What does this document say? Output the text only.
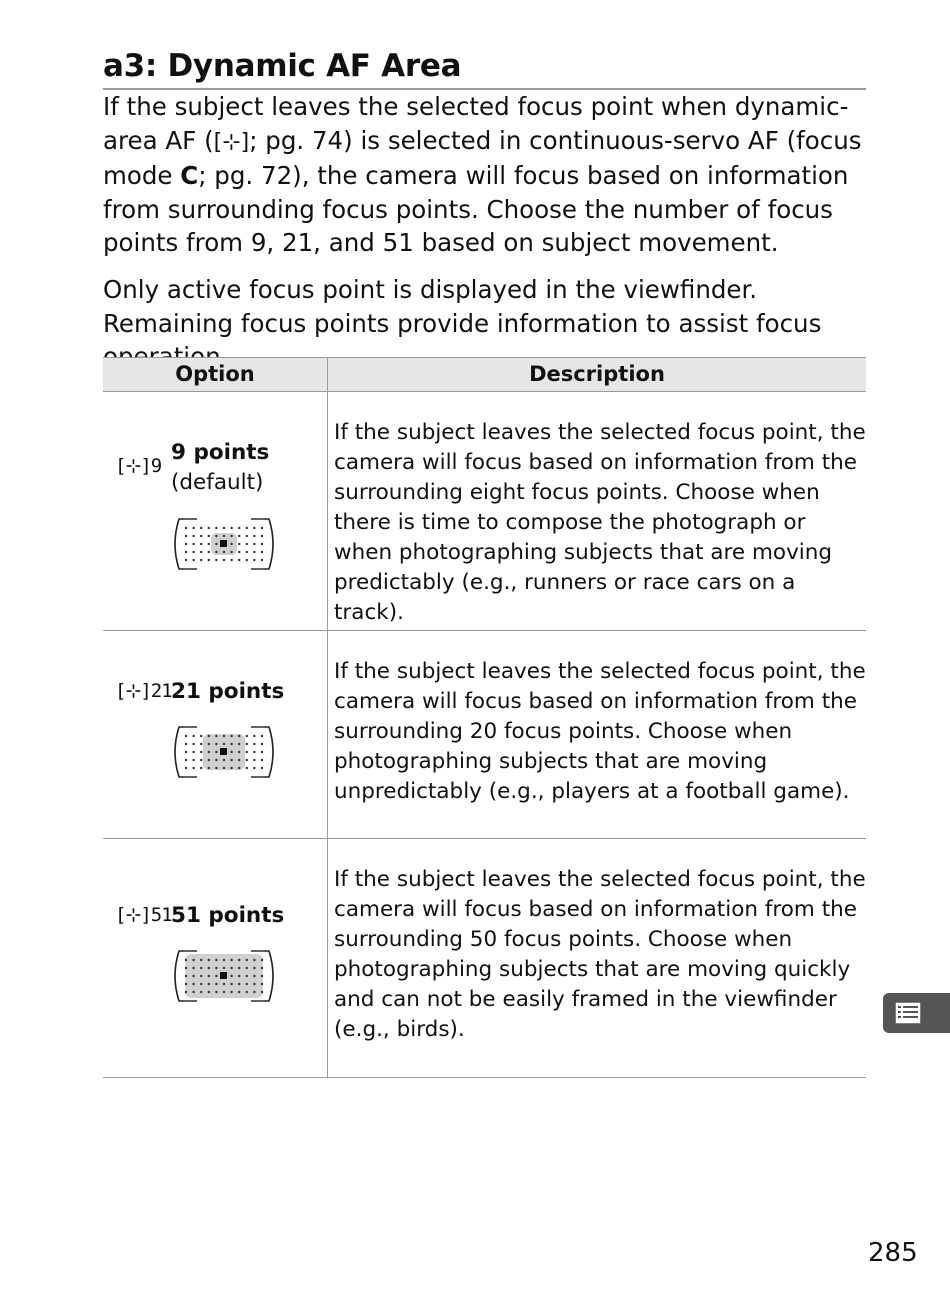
a3: Dynamic AF Area

If the subject leaves the selected focus point when dynamic-area AF ([⊹]; pg. 74) is selected in continuous-servo AF (focus mode C; pg. 72), the camera will focus based on information from surrounding focus points. Choose the number of focus points from 9, 21, and 51 based on subject movement.

Only active focus point is displayed in the viewfinder. Remaining focus points provide information to assist focus

Option	Description
[⊹]9
9 points
(default)
If the subject leaves the selected focus point, the camera will focus based on information from the surrounding eight focus points. Choose when there is time to compose the photograph or when photographing subjects that are moving predictably (e.g., runners or race cars on a track).
[⊹]21 21 points
If the subject leaves the selected focus point, the camera will focus based on information from the surrounding 20 focus points. Choose when photographing subjects that are moving unpredictably (e.g., players at a football game).
[⊹]51 51 points
If the subject leaves the selected focus point, the camera will focus based on information from the surrounding 50 focus points. Choose when photographing subjects that are moving quickly and can not be easily framed in the viewfinder (e.g., birds).
285
